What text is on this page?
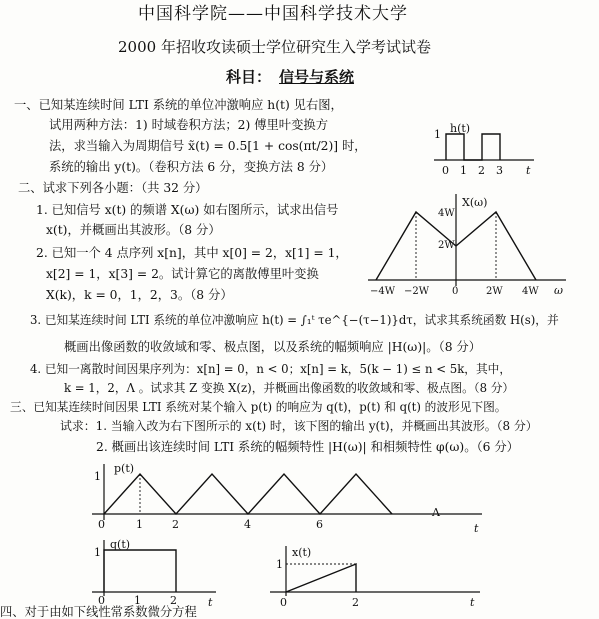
中国科学院——中国科学技术大学
2000 年招收攻读硕士学位研究生入学考试试卷
科目： 信号与系统
一、已知某连续时间 LTI 系统的单位冲激响应 h(t) 见右图，
试用两种方法：1) 时域卷积方法；2) 傅里叶变换方
法，求当输入为周期信号 x̃(t) = 0.5[1 + cos(πt/2)] 时，
系统的输出 y(t)。（卷积方法 6 分，变换方法 8 分）
二、试求下列各小题：（共 32 分）
1. 已知信号 x(t) 的频谱 X(ω) 如右图所示，试求出信号
x(t)，并概画出其波形。（8 分）
2. 已知一个 4 点序列 x[n]，其中 x[0] = 2，x[1] = 1，
x[2] = 1，x[3] = 2。试计算它的离散傅里叶变换
X(k)，k = 0，1，2，3。（8 分）
3. 已知某连续时间 LTI 系统的单位冲激响应 h(t) = ∫₁ᵗ τe^{−(τ−1)}dτ，试求其系统函数 H(s)，并
概画出像函数的收敛域和零、极点图，以及系统的幅频响应 |H(ω)|。（8 分）
4. 已知一离散时间因果序列为：x[n] = 0，n < 0；x[n] = k，5(k − 1) ≤ n < 5k，其中，
k = 1，2，Λ 。试求其 Z 变换 X(z)，并概画出像函数的收敛域和零、极点图。（8 分）
三、已知某连续时间因果 LTI 系统对某个输入 p(t) 的响应为 q(t)，p(t) 和 q(t) 的波形见下图。
试求：1. 当输入改为右下图所示的 x(t) 时，该下图的输出 y(t)，并概画出其波形。（8 分）
2. 概画出该连续时间 LTI 系统的幅频特性 |H(ω)| 和相频特性 φ(ω)。（6 分）
四、对于由如下线性常系数微分方程
h(t)
1
0 1 2 3 t
X(ω)
4W
2W
−4W −2W 0	2W 4W ω
p(t)
1
0	1	2	4	6
Λ
t
q(t)
1
0	1	2	t
x(t)
1
0	2	t
